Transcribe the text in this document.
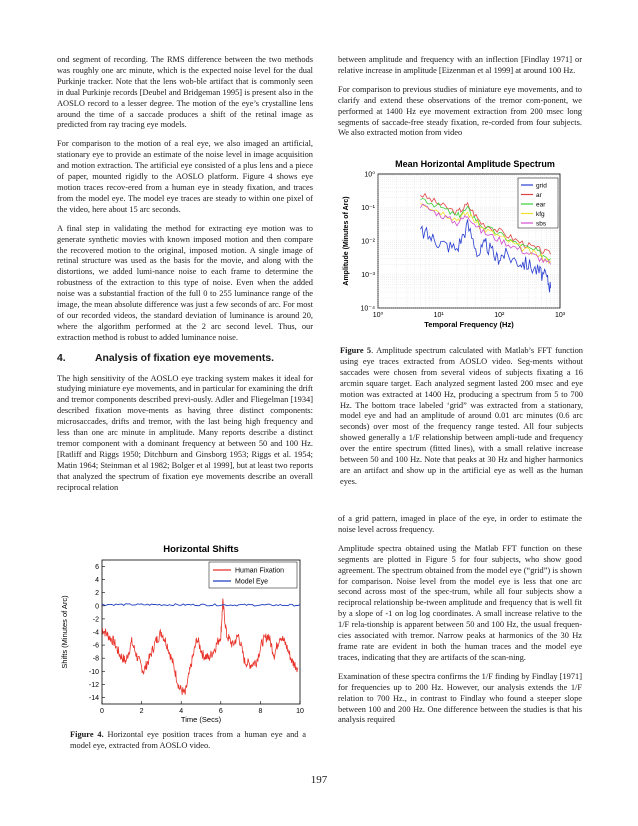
ond segment of recording. The RMS difference between the two methods was roughly one arc minute, which is the expected noise level for the dual Purkinje tracker. Note that the lens wob-ble artifact that is commonly seen in dual Purkinje records [Deubel and Bridgeman 1995] is present also in the AOSLO record to a lesser degree. The motion of the eye’s crystalline lens around the time of a saccade produces a shift of the retinal image as predicted from ray tracing eye models.

For comparison to the motion of a real eye, we also imaged an artificial, stationary eye to provide an estimate of the noise level in image acquisition and motion extraction. The artificial eye consisted of a plus lens and a piece of paper, mounted rigidly to the AOSLO platform. Figure 4 shows eye motion traces recov-ered from a human eye in steady fixation, and traces from the model eye. The model eye traces are steady to within one pixel of the video, here about 15 arc seconds.

A final step in validating the method for extracting eye motion was to generate synthetic movies with known imposed motion and then compare the recovered motion to the original, imposed motion. A single image of retinal structure was used as the basis for the movie, and along with the distortions, we added lumi-nance noise to each frame to determine the robustness of the extraction to this type of noise. Even when the added noise was a substantial fraction of the full 0 to 255 luminance range of the image, the mean absolute difference was just a few seconds of arc. For most of our recorded videos, the standard deviation of luminance is around 20, where the algorithm performed at the 2 arc second level. Thus, our extraction method is robust to added luminance noise.

4.	Analysis of fixation eye movements.

The high sensitivity of the AOSLO eye tracking system makes it ideal for studying miniature eye movements, and in particular for examining the drift and tremor components described previ-ously. Adler and Fliegelman [1934] described fixation move-ments as having three distinct components: microsaccades, drifts and tremor, with the last being high frequency and less than one arc minute in amplitude. Many reports describe a distinct tremor component with a dominant frequency at between 50 and 100 Hz. [Ratliff and Riggs 1950; Ditchburn and Ginsborg 1953; Riggs et al. 1954; Matin 1964; Steinman et al 1982; Bolger et al 1999], but at least two reports that analyzed the spectrum of fixation eye movements describe an overall reciprocal relation

Horizontal Shifts
0	2	4	6	8	10
6
4
2
0
-2
-4
-6
-8
-10
-12
-14
Time (Secs)
Shifts (Minutes of Arc)
Human Fixation
Model Eye
Figure 4. Horizontal eye position traces from a human eye and a model eye, extracted from AOSLO video.

between amplitude and frequency with an inflection [Findlay 1971] or relative increase in amplitude [Eizenman et al 1999] at around 100 Hz.

For comparison to previous studies of miniature eye movements, and to clarify and extend these observations of the tremor com-ponent, we performed at 1400 Hz eye movement extraction from 200 msec long segments of saccade-free steady fixation, re-corded from four subjects. We also extracted motion from video

Mean Horizontal Amplitude Spectrum
10⁰	10¹	10²	10³
10⁰
10⁻¹
10⁻²
10⁻³
10⁻⁴
Temporal Frequency (Hz)
Amplitude (Minutes of Arc)
grid
ar
ear
kfg
sbs
Figure 5. Amplitude spectrum calculated with Matlab’s FFT function using eye traces extracted from AOSLO video. Seg-ments without saccades were chosen from several videos of subjects fixating a 16 arcmin square target. Each analyzed segment lasted 200 msec and eye motion was extracted at 1400 Hz, producing a spectrum from 5 to 700 Hz. The bottom trace labeled ‘grid” was extracted from a stationary, model eye and had an amplitude of around 0.01 arc minutes (0.6 arc seconds) over most of the frequency range tested. All four subjects showed generally a 1/F relationship between ampli-tude and frequency over the entire spectrum (fitted lines), with a small relative increase between 50 and 100 Hz. Note that peaks at 30 Hz and higher harmonics are an artifact and show up in the artificial eye as well as the human eyes.

of a grid pattern, imaged in place of the eye, in order to estimate the noise level across frequency.

Amplitude spectra obtained using the Matlab FFT function on these segments are plotted in Figure 5 for four subjects, who show good agreement. The spectrum obtained from the model eye (“grid”) is shown for comparison. Noise level from the model eye is less that one arc second across most of the spec-trum, while all four subjects show a reciprocal relationship be-tween amplitude and frequency that is well fit by a slope of -1 on log log coordinates. A small increase relative to the 1/F rela-tionship is apparent between 50 and 100 Hz, the usual frequen-cies associated with tremor. Narrow peaks at harmonics of the 30 Hz frame rate are evident in both the human traces and the model eye traces, indicating that they are artifacts of the scan-ning.

Examination of these spectra confirms the 1/F finding by Findlay [1971] for frequencies up to 200 Hz. However, our analysis extends the 1/F relation to 700 Hz., in contrast to Findlay who found a steeper slope between 100 and 200 Hz. One difference between the studies is that his analysis required

197
